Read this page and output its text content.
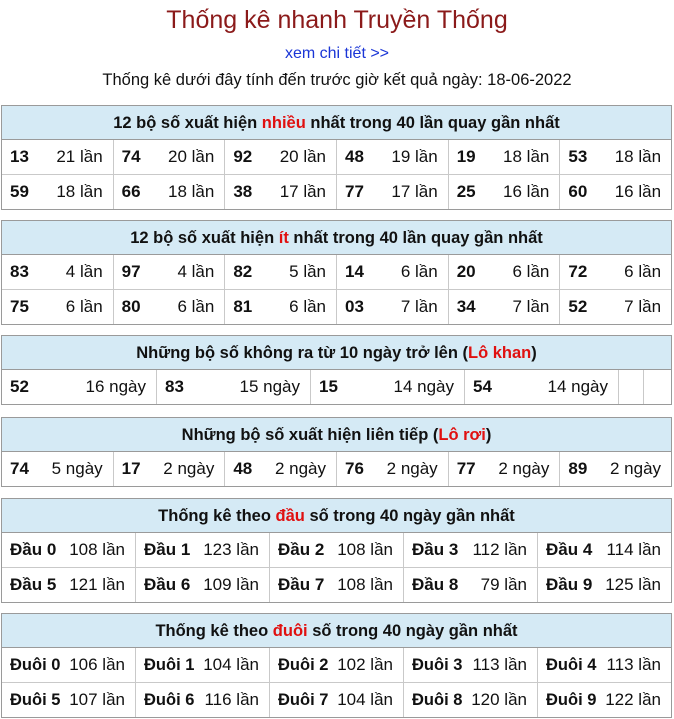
Thống kê nhanh Truyền Thống
xem chi tiết >>
Thống kê dưới đây tính đến trước giờ kết quả ngày: 18-06-2022
12 bộ số xuất hiện nhiều nhất trong 40 lần quay gần nhất
13 21 lần 74 20 lần 92 20 lần 48 19 lần 19 18 lần 53 18 lần
59 18 lần 66 18 lần 38 17 lần 77 17 lần 25 16 lần 60 16 lần
12 bộ số xuất hiện ít nhất trong 40 lần quay gần nhất
83 4 lần 97 4 lần 82 5 lần 14 6 lần 20 6 lần 72 6 lần
75 6 lần 80 6 lần 81 6 lần 03 7 lần 34 7 lần 52 7 lần
Những bộ số không ra từ 10 ngày trở lên (Lô khan)
52	16 ngày 83	15 ngày 15	14 ngày 54	14 ngày
Những bộ số xuất hiện liên tiếp (Lô rơi)
74 5 ngày 17 2 ngày 48 2 ngày 76 2 ngày 77 2 ngày 89 2 ngày
Thống kê theo đầu số trong 40 ngày gần nhất
Đầu 0 108 lần Đầu 1 123 lần Đầu 2 108 lần Đầu 3 112 lần Đầu 4 114 lần
Đầu 5 121 lần Đầu 6 109 lần Đầu 7 108 lần Đầu 8 79 lần Đầu 9 125 lần
Thống kê theo đuôi số trong 40 ngày gần nhất
Đuôi 0 106 lần Đuôi 1 104 lần Đuôi 2 102 lần Đuôi 3 113 lần Đuôi 4 113 lần
Đuôi 5 107 lần Đuôi 6 116 lần Đuôi 7 104 lần Đuôi 8 120 lần Đuôi 9 122 lần
